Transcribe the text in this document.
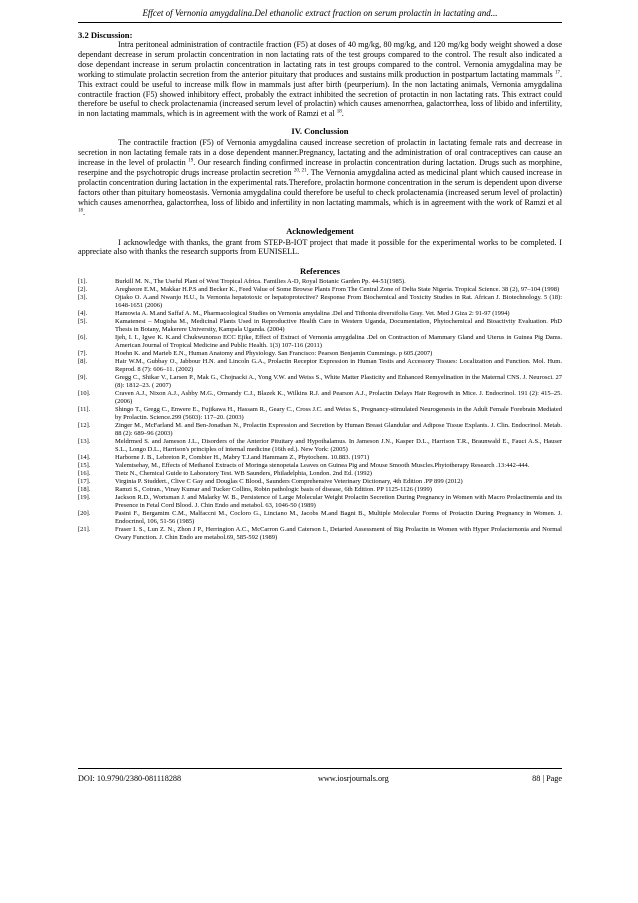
Effcet of Vernonia amygdalina.Del ethanolic extract fraction on serum prolactin in lactating and...
3.2 Discussion:

Intra peritoneal administration of contractile fraction (F5) at doses of 40 mg/kg, 80 mg/kg, and 120 mg/kg body weight showed a dose dependant decrease in serum prolactin concentration in non lactating rats of the test groups compared to the control. The result also indicated a dose dependant increase in serum prolactin concentration in lactating rats in test groups compared to the control. Vernonia amygdalina may be working to stimulate prolactin secretion from the anterior pituitary that produces and sustains milk production in postpartum lactating mammals $^{17}$. This extract could be useful to increase milk flow in mammals just after birth (peurperium). In the non lactating animals, Vernonia amygdalina contractile fraction (F5) showed inhibitory effect, probably the extract inhibited the secretion of protactin in non lactating rats. This extract could therefore be useful to check prolactenamia (increased serum level of prolactin) which causes amenorrhea, galactorrhea, loss of libido and infertility, in non lactating mammals, which is in agreement with the work of Ramzi et al $^{18}$.

IV. Conclussion

The contractile fraction (F5) of Vernonia amygdalina caused increase secretion of prolactin in lactating female rats and decrease in secretion in non lactating female rats in a dose dependent manner.Pregnancy, lactating and the administration of oral contraceptives can cause an increase in the level of prolactin $^{19}$. Our research finding confirmed increase in prolactin concentration during lactation. Drugs such as morphine, reserpine and the psychotropic drugs increase prolactin secretion $^{20, 21}$. The Vernonia amygdalina acted as medicinal plant which caused increase in prolactin concentration during lactation in the experimental rats.Therefore, prolactin hormone concentration in the serum is dependent upon diverse factors other than pituitary homeostasis. Vernonia amygdalina could therefore be useful to check prolactenamia (increased serum level of prolactin) which causes amenorrhea, galactorrhea, loss of libido and infertility in non lactating mammals, which is in agreement with the work of Ramzi et al $^{18}$.

Acknowledgement

I acknowledge with thanks, the grant from STEP-B-IOT project that made it possible for the experimental works to be completed. I appreciate also with thanks the research supports from EUNISELL.

References
[1].	Burkill M. N., The Useful Plant of West Tropical Africa. Families A-D, Royal Botanic Garden Pp. 44-51(1985).
[2].	Aregheore E.M., Makkar H.P.S and Becker K., Feed Value of Some Browse Plants From The Central Zone of Delta State Nigeria. Tropical Science. 38 (2), 97–104 (1998)
[3].	Ojiako O. A.and Nwanjo H.U., Is Vernonia hepatotoxic or hepatoprotective? Response From Biochemical and Toxicity Studies in Rat. African J. Biotechnology. 5 (18): 1648-1651 (2006)
[4].	Hamowia A. M.and Saffaf A. M., Pharmacological Studies on Vernonia amydalina .Del and Tithonia diversifolia Gray. Vet. Med J Giza 2: 91-97 (1994)
[5].	Kamatenesi – Mugisha M., Medicinal Plants Used in Reproductive Health Care in Western Uganda, Documentation, Phytochemical and Bioactivity Evaluation. PhD Thesis in Botany, Makerere University, Kampala Uganda. (2004)
[6].	Ijeh, I. I., Igwe K. K.and Chukwunonso ECC Ejike, Effect of Extract of Vernonia amygdalina .Del on Contraction of Mammary Gland and Uterus in Guinea Pig Dams. American Journal of Tropical Medicine and Public Health. 1(3) 107-116 (2011)
[7].	Hoehn K. and Marieb E.N., Human Anatomy and Physiology. San Francisco: Pearson Benjamin Cummings. p 605.(2007)
[8].	Hair W.M., Gubbay O., Jabbour H.N. and Lincoln G.A., Prolactin Receptor Expression in Human Testis and Accessory Tissues: Localization and Function. Mol. Hum. Reprod. 8 (7): 606–11. (2002)
[9].	Gregg C., Shikar V., Larsen P., Mak G., Chojnacki A., Yong V.W. and Weiss S., White Matter Plasticity and Enhanced Remyelination in the Maternal CNS. J. Neurosci. 27 (8): 1812–23. ( 2007)
[10].	Craven A.J., Nixon A.J., Ashby M.G., Ormandy C.J., Blazek K., Wilkins R.J. and Pearson A.J., Prolactin Delays Hair Regrowth in Mice. J. Endocrinol. 191 (2): 415–25. (2006)
[11].	Shingo T., Gregg C., Enwere E., Fujikawa H., Hassam R., Geary C., Cross J.C. and Weiss S., Pregnancy-stimulated Neurogenesis in the Adult Female Forebrain Mediated by Prolactin. Science.299 (5603): 117–20. (2003)
[12].	Zinger M., McFarland M. and Ben-Jonathan N., Prolactin Expression and Secretion by Human Breast Glandular and Adipose Tissue Explants. J. Clin. Endocrinol. Metab. 88 (2): 689–96 (2003)
[13].	Meldrmed S. and Jameson J.L., Disorders of the Anterior Pituitary and Hypothalamus. In Jameson J.N., Kasper D.L., Harrison T.R., Braunwald E., Fauci A.S., Hauser S.L., Longo D.L., Harrison's principles of internal medicine (16th ed.). New York: (2005)
[14].	Harborne J. B., Lebreton P., Combier H., Mabry T.J.and Hammam Z., Phytochem. 10.883. (1971)
[15].	Yalemtsehay, M., Effects of Methanol Extracts of Moringa stenopetala Leaves on Guinea Pig and Mouse Smooth Muscles.Phytotherapy Research .13:442-444.
[16].	Tietz N., Chemical Guide to Laboratory Test. WB Saunders, Philadelphia, London. 2nd Ed. (1992)
[17].	Virginia P. Studdert., Clive C Gay and Douglas C Blood., Saunders Comprehensive Veterinary Dictionary, 4th Edition .PP 899 (2012)
[18].	Ramzi S., Cotran., Vinay Kumar and Tucker Collins, Robin pathologic basis of disease, 6th Edition. PP 1125-1126 (1999)
[19].	Jackson R.D., Wortsman J. and Malarky W. B., Persistence of Large Molecular Weight Prolactin Secretion During Pregnancy in Women with Macro Prolactinemia and its Presence in Fetal Cord Blood. J. Chin Endo and metabol. 63, 1046-50 (1989)
[20].	Pasini F., Bergamim C.M., Malfaccni M., Cocloro G., Linciano M., Jacobs M.and Bagni B., Multiple Molecular Forms of Protactin During Pregnancy in Women. J. Endocrinol, 106, 51-56 (1985)
[21].	Fraser I. S., Lun Z. N., Zhon J P., Herrington A.C., McCarron G.and Caterson I., Detarted Assessment of Big Prolactin in Women with Hyper Prolacternonia and Normal Ovary Function. J. Chin Endo are metabol.69, 585-592 (1989)
DOI: 10.9790/2380-081118288	www.iosrjournals.org	88 | Page
